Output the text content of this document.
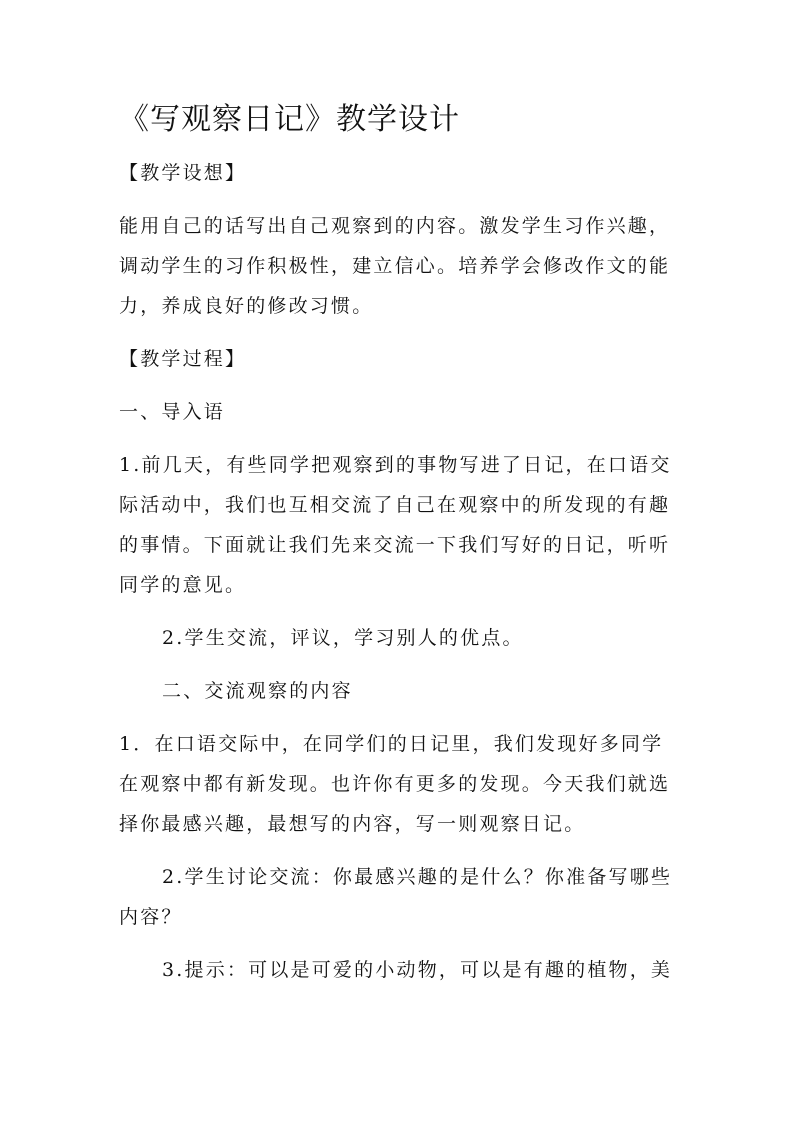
《写观察日记》教学设计
【教学设想】
能用自己的话写出自己观察到的内容。激发学生习作兴趣，
调动学生的习作积极性，建立信心。培养学会修改作文的能
力，养成良好的修改习惯。
【教学过程】
一、导入语
1.前几天，有些同学把观察到的事物写进了日记，在口语交
际活动中，我们也互相交流了自己在观察中的所发现的有趣
的事情。下面就让我们先来交流一下我们写好的日记，听听
同学的意见。
2.学生交流，评议，学习别人的优点。
二、交流观察的内容
1．在口语交际中，在同学们的日记里，我们发现好多同学
在观察中都有新发现。也许你有更多的发现。今天我们就选
择你最感兴趣，最想写的内容，写一则观察日记。
2.学生讨论交流：你最感兴趣的是什么？你准备写哪些
内容？
3.提示：可以是可爱的小动物，可以是有趣的植物，美
